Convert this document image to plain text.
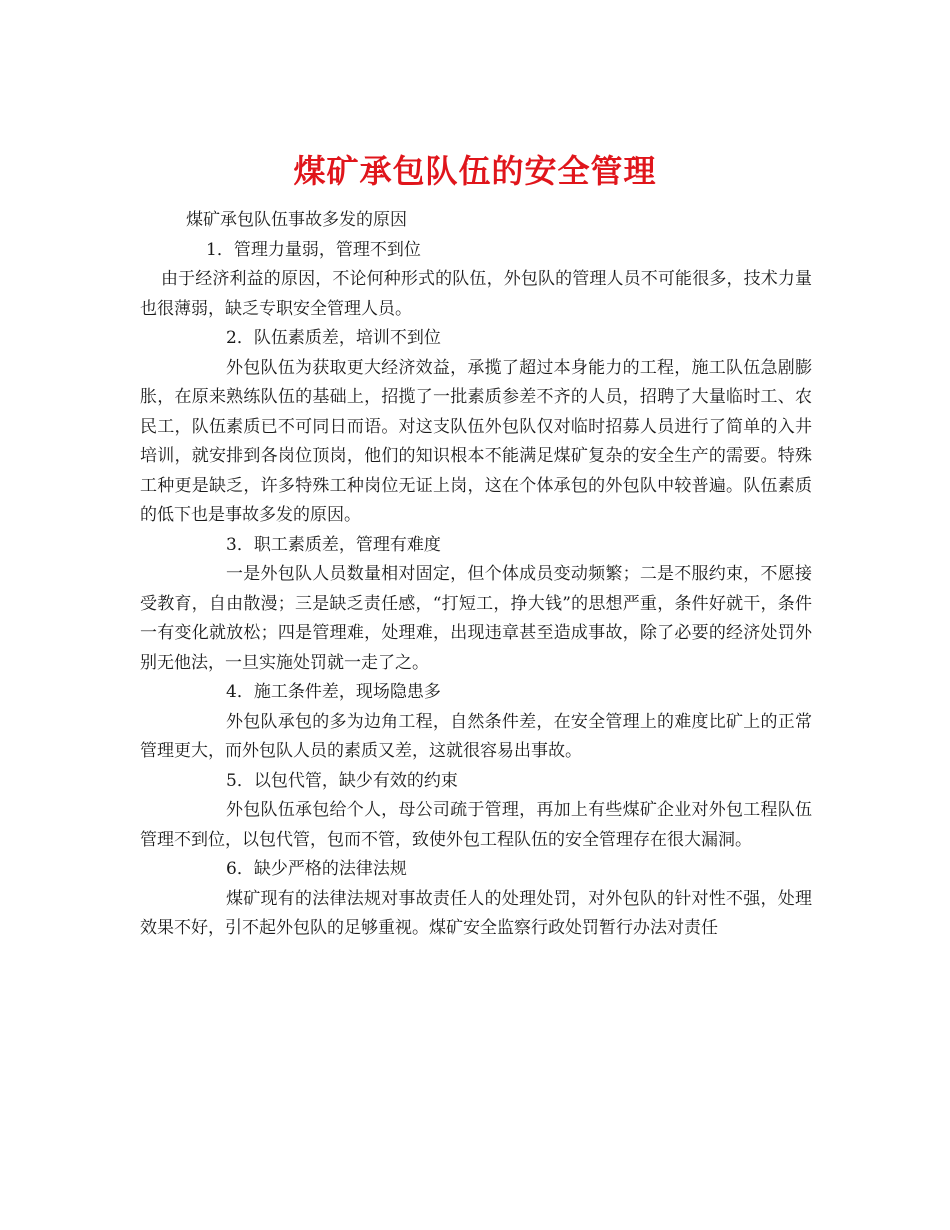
煤矿承包队伍的安全管理

煤矿承包队伍事故多发的原因

1．管理力量弱，管理不到位

由于经济利益的原因，不论何种形式的队伍，外包队的管理人员不可能很多，技术力量也很薄弱，缺乏专职安全管理人员。

2．队伍素质差，培训不到位

外包队伍为获取更大经济效益，承揽了超过本身能力的工程，施工队伍急剧膨胀，在原来熟练队伍的基础上，招揽了一批素质参差不齐的人员，招聘了大量临时工、农民工，队伍素质已不可同日而语。对这支队伍外包队仅对临时招募人员进行了简单的入井培训，就安排到各岗位顶岗，他们的知识根本不能满足煤矿复杂的安全生产的需要。特殊工种更是缺乏，许多特殊工种岗位无证上岗，这在个体承包的外包队中较普遍。队伍素质的低下也是事故多发的原因。

3．职工素质差，管理有难度

一是外包队人员数量相对固定，但个体成员变动频繁；二是不服约束，不愿接受教育，自由散漫；三是缺乏责任感，“打短工，挣大钱”的思想严重，条件好就干，条件一有变化就放松；四是管理难，处理难，出现违章甚至造成事故，除了必要的经济处罚外别无他法，一旦实施处罚就一走了之。

4．施工条件差，现场隐患多

外包队承包的多为边角工程，自然条件差，在安全管理上的难度比矿上的正常管理更大，而外包队人员的素质又差，这就很容易出事故。

5．以包代管，缺少有效的约束

外包队伍承包给个人，母公司疏于管理，再加上有些煤矿企业对外包工程队伍管理不到位，以包代管，包而不管，致使外包工程队伍的安全管理存在很大漏洞。

6．缺少严格的法律法规

煤矿现有的法律法规对事故责任人的处理处罚，对外包队的针对性不强，处理效果不好，引不起外包队的足够重视。煤矿安全监察行政处罚暂行办法对责任
